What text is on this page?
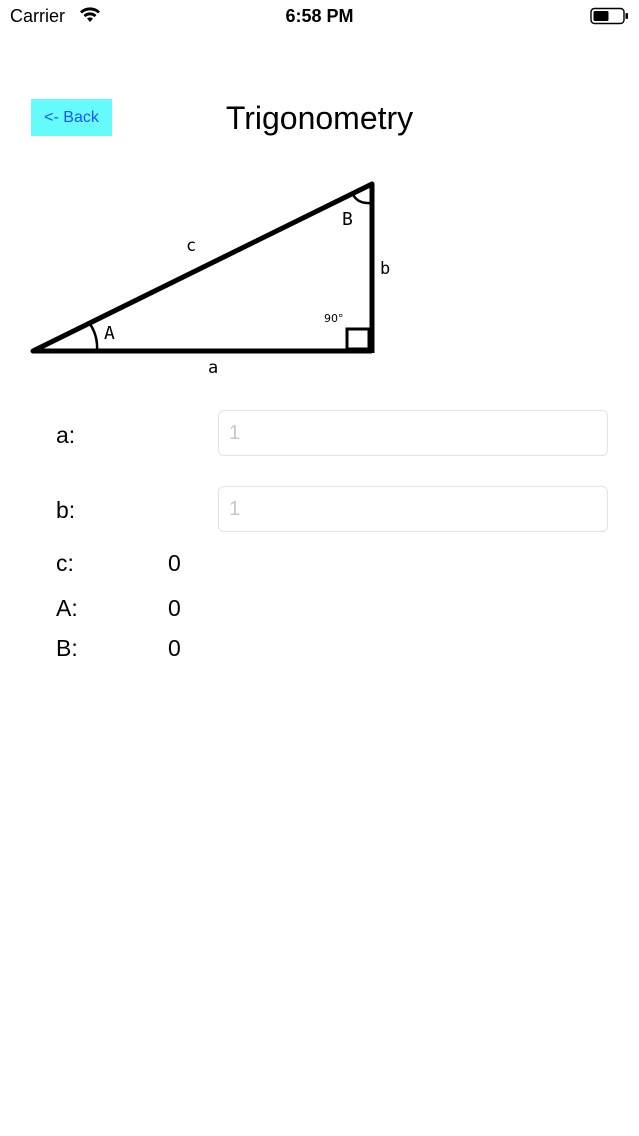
Carrier	6:58 PM
<- Back	Trigonometry
c
b
a
A
B
90°
a:
1
b:
1
c:	0
A:	0
B:	0
